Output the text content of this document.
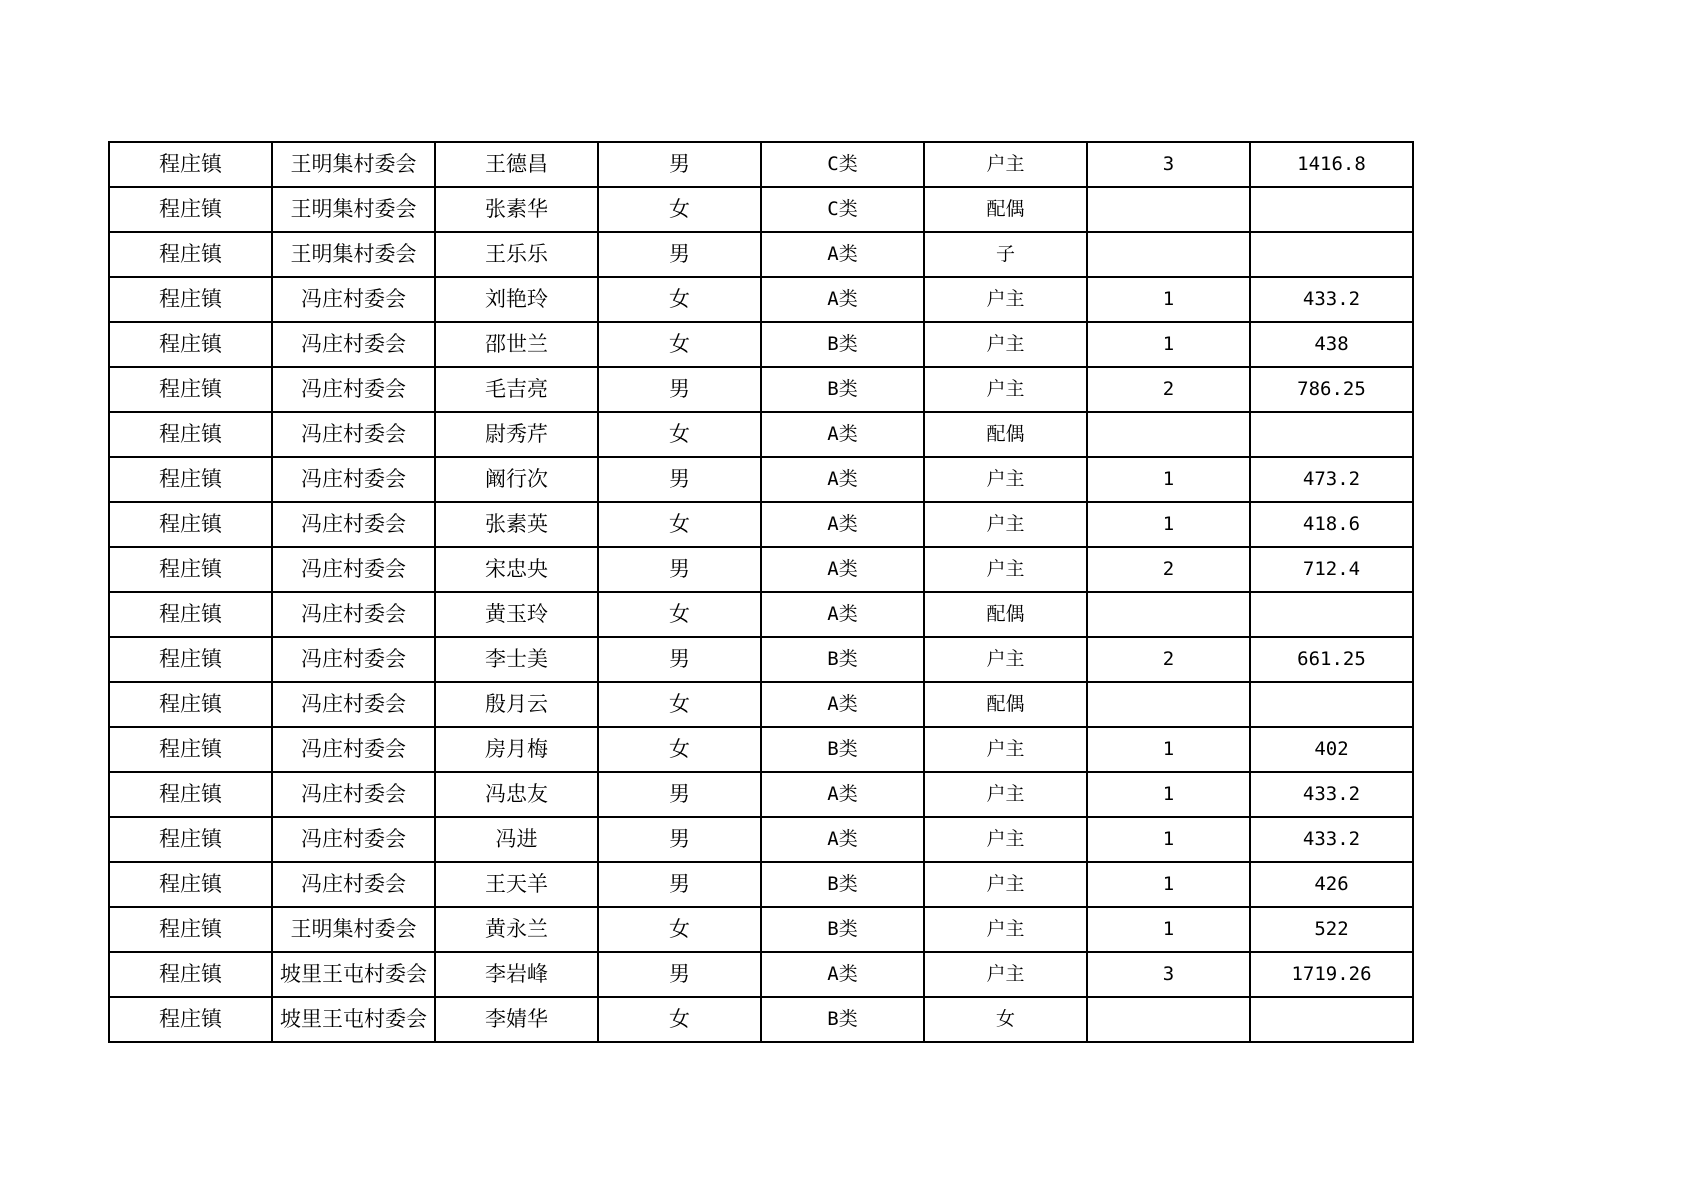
程庄镇	王明集村委会	王德昌	男	C类	户主	3	1416.8
程庄镇	王明集村委会	张素华	女	C类	配偶		
程庄镇	王明集村委会	王乐乐	男	A类	子		
程庄镇	冯庄村委会	刘艳玲	女	A类	户主	1	433.2
程庄镇	冯庄村委会	邵世兰	女	B类	户主	1	438
程庄镇	冯庄村委会	毛吉亮	男	B类	户主	2	786.25
程庄镇	冯庄村委会	尉秀芹	女	A类	配偶		
程庄镇	冯庄村委会	阚行次	男	A类	户主	1	473.2
程庄镇	冯庄村委会	张素英	女	A类	户主	1	418.6
程庄镇	冯庄村委会	宋忠央	男	A类	户主	2	712.4
程庄镇	冯庄村委会	黄玉玲	女	A类	配偶		
程庄镇	冯庄村委会	李士美	男	B类	户主	2	661.25
程庄镇	冯庄村委会	殷月云	女	A类	配偶		
程庄镇	冯庄村委会	房月梅	女	B类	户主	1	402
程庄镇	冯庄村委会	冯忠友	男	A类	户主	1	433.2
程庄镇	冯庄村委会	冯进	男	A类	户主	1	433.2
程庄镇	冯庄村委会	王天羊	男	B类	户主	1	426
程庄镇	王明集村委会	黄永兰	女	B类	户主	1	522
程庄镇	坡里王屯村委会	李岩峰	男	A类	户主	3	1719.26
程庄镇	坡里王屯村委会	李婧华	女	B类	女		
